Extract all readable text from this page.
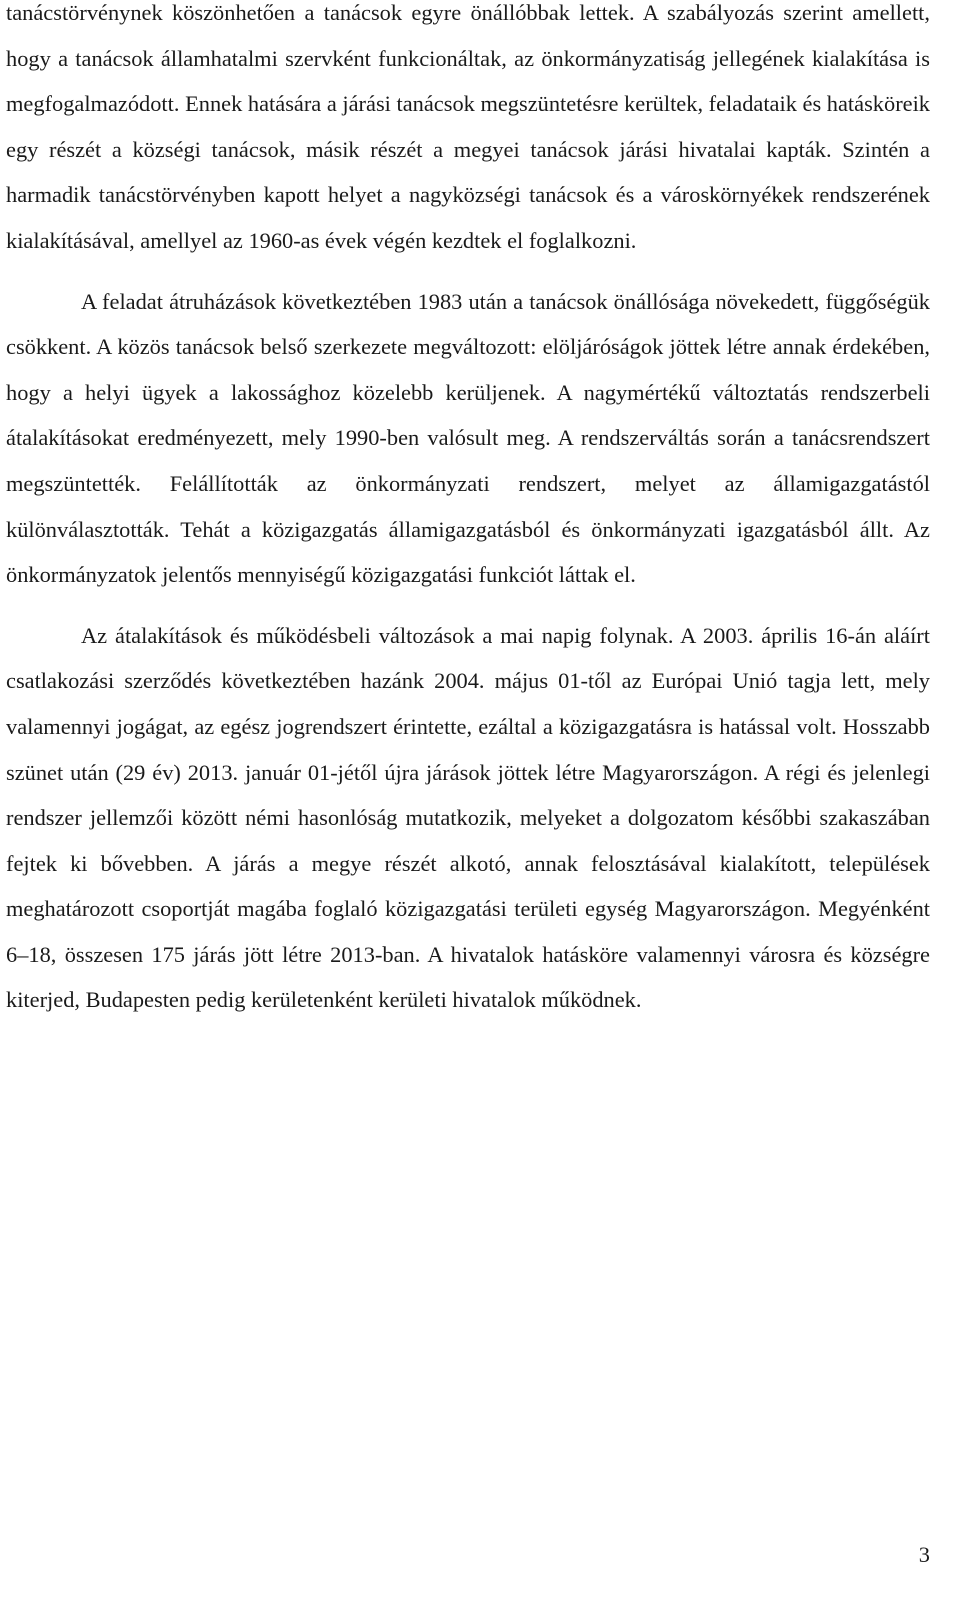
tanácstörvénynek köszönhetően a tanácsok egyre önállóbbak lettek. A szabályozás szerint amellett, hogy a tanácsok államhatalmi szervként funkcionáltak, az önkormányzatiság jellegének kialakítása is megfogalmazódott. Ennek hatására a járási tanácsok megszüntetésre kerültek, feladataik és hatásköreik egy részét a községi tanácsok, másik részét a megyei tanácsok járási hivatalai kapták. Szintén a harmadik tanácstörvényben kapott helyet a nagyközségi tanácsok és a városkörnyékek rendszerének kialakításával, amellyel az 1960-as évek végén kezdtek el foglalkozni.

A feladat átruházások következtében 1983 után a tanácsok önállósága növekedett, függőségük csökkent. A közös tanácsok belső szerkezete megváltozott: elöljáróságok jöttek létre annak érdekében, hogy a helyi ügyek a lakossághoz közelebb kerüljenek. A nagymértékű változtatás rendszerbeli átalakításokat eredményezett, mely 1990-ben valósult meg. A rendszerváltás során a tanácsrendszert megszüntették. Felállították az önkormányzati rendszert, melyet az államigazgatástól különválasztották. Tehát a közigazgatás államigazgatásból és önkormányzati igazgatásból állt. Az önkormányzatok jelentős mennyiségű közigazgatási funkciót láttak el.

Az átalakítások és működésbeli változások a mai napig folynak. A 2003. április 16-án aláírt csatlakozási szerződés következtében hazánk 2004. május 01-től az Európai Unió tagja lett, mely valamennyi jogágat, az egész jogrendszert érintette, ezáltal a közigazgatásra is hatással volt. Hosszabb szünet után (29 év) 2013. január 01-jétől újra járások jöttek létre Magyarországon. A régi és jelenlegi rendszer jellemzői között némi hasonlóság mutatkozik, melyeket a dolgozatom későbbi szakaszában fejtek ki bővebben. A járás a megye részét alkotó, annak felosztásával kialakított, települések meghatározott csoportját magába foglaló közigazgatási területi egység Magyarországon. Megyénként 6–18, összesen 175 járás jött létre 2013-ban. A hivatalok hatásköre valamennyi városra és községre kiterjed, Budapesten pedig kerületenként kerületi hivatalok működnek.

3
